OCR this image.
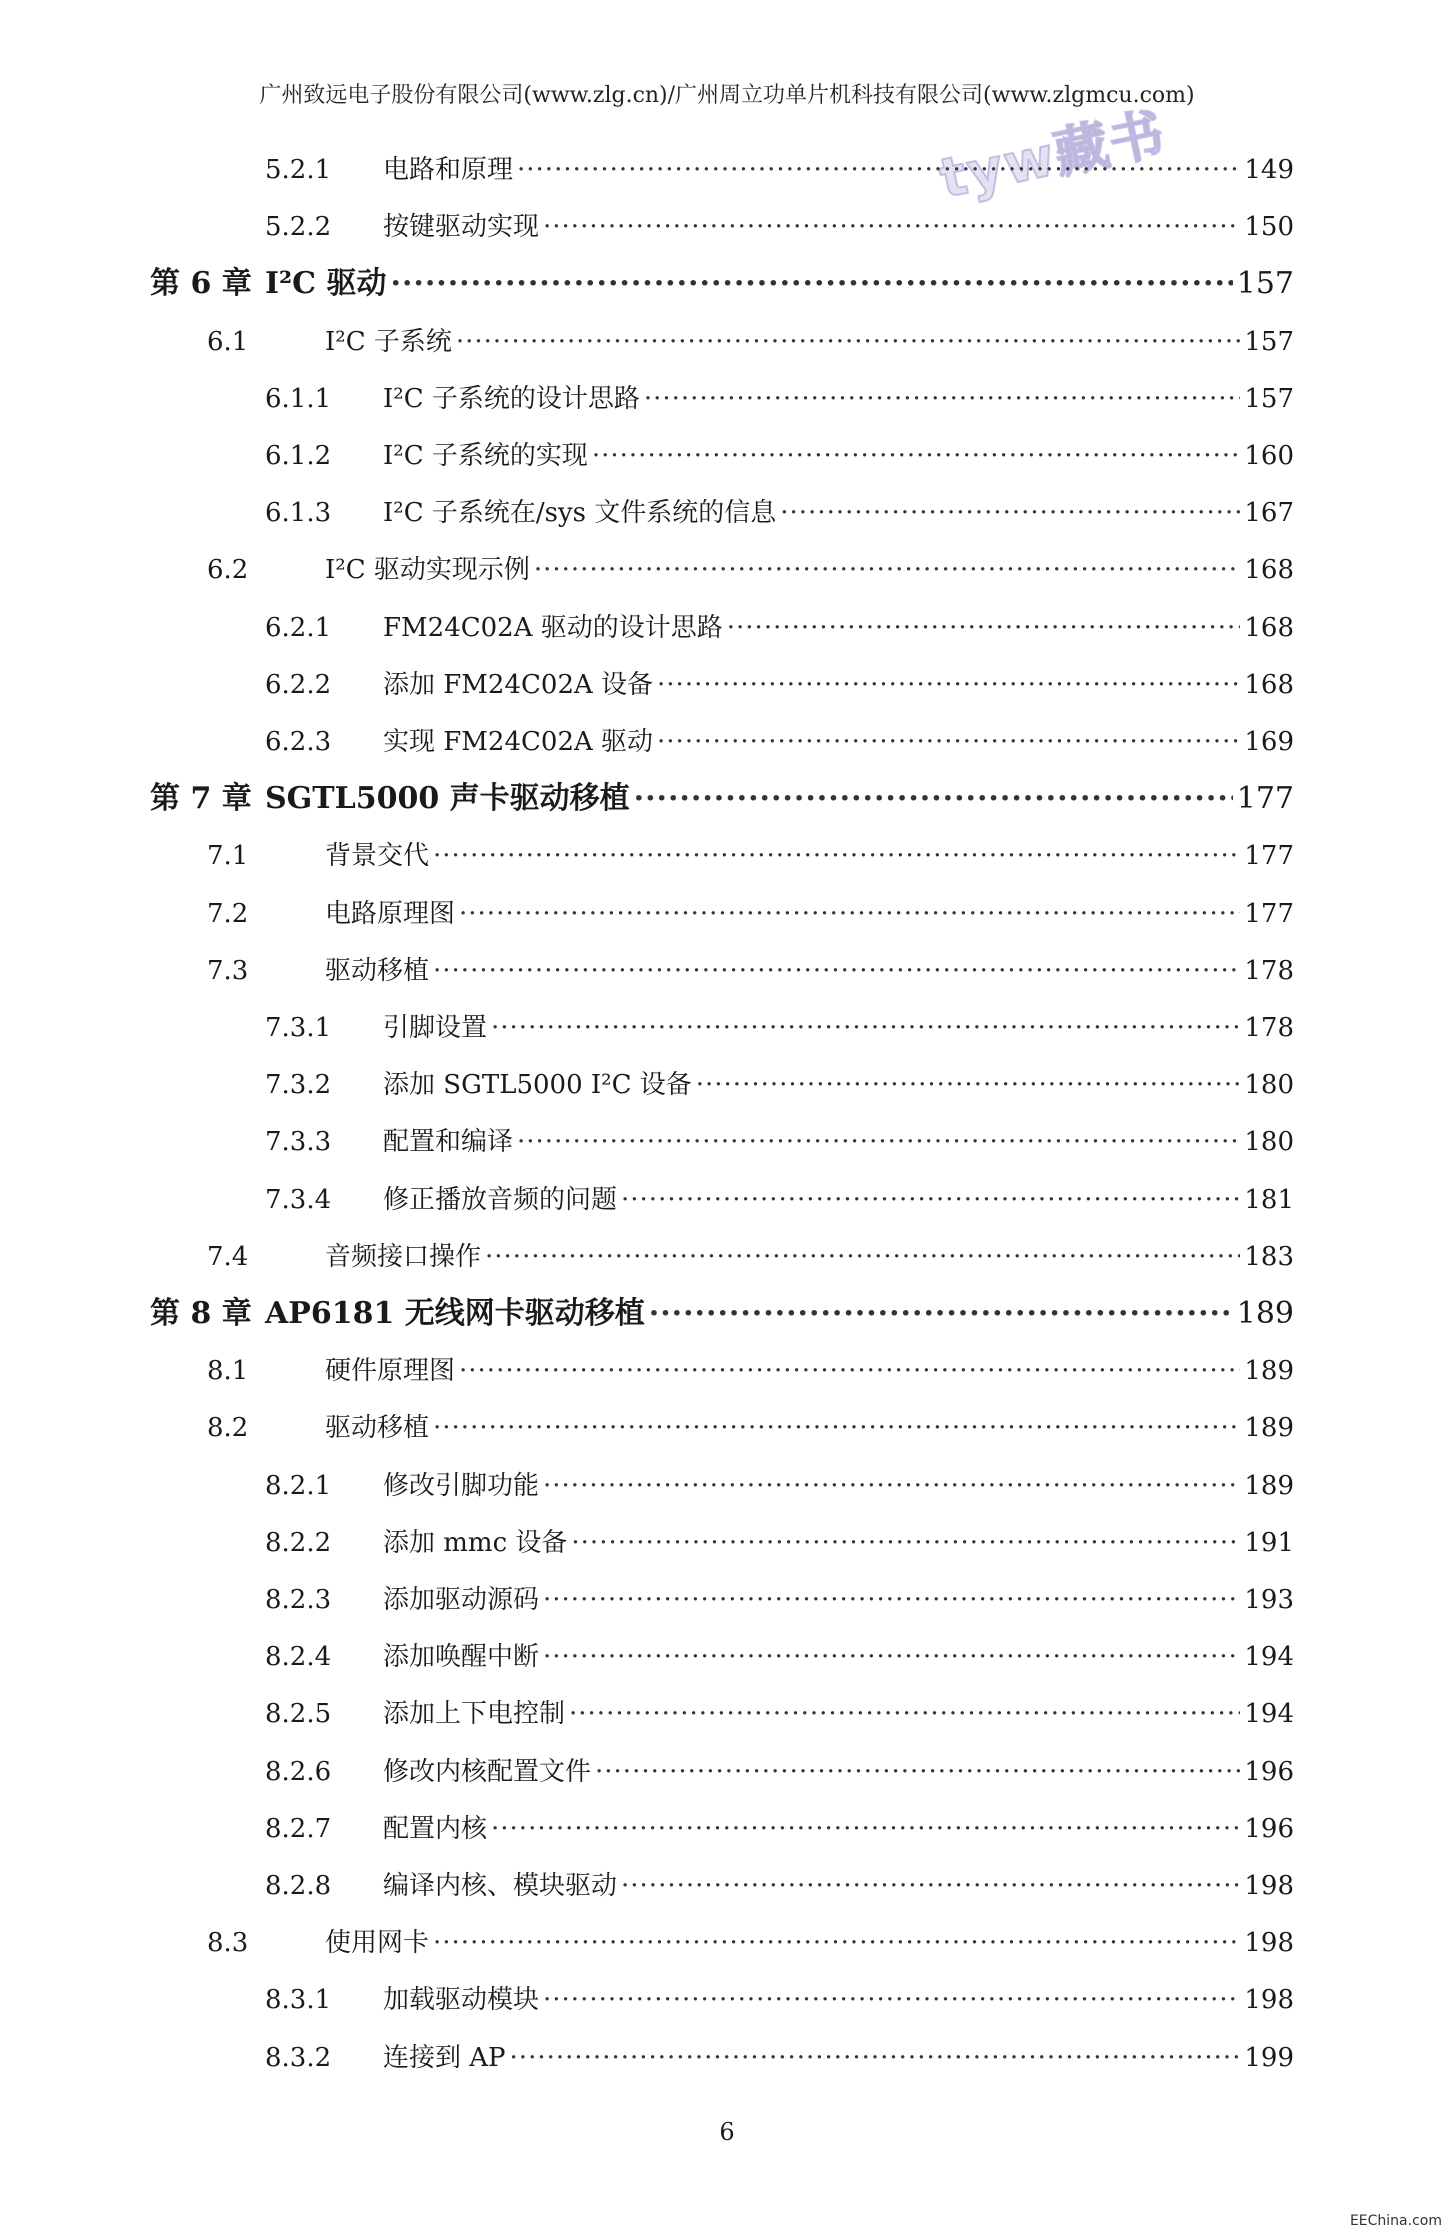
广州致远电子股份有限公司(www.zlg.cn)/广州周立功单片机科技有限公司(www.zlgmcu.com)
tyw藏书
5.2.1	电路和原理 ·····	149
5.2.2	按键驱动实现 ·····	150
第 6 章 I²C 驱动 ·····	157
6.1	I²C 子系统 ·····	157
6.1.1	I²C 子系统的设计思路 ·····	157
6.1.2	I²C 子系统的实现 ·····	160
6.1.3	I²C 子系统在/sys 文件系统的信息 ·····	167
6.2	I²C 驱动实现示例 ·····	168
6.2.1	FM24C02A 驱动的设计思路 ·····	168
6.2.2	添加 FM24C02A 设备 ·····	168
6.2.3	实现 FM24C02A 驱动 ·····	169
第 7 章 SGTL5000 声卡驱动移植 ·····	177
7.1	背景交代 ·····	177
7.2	电路原理图 ·····	177
7.3	驱动移植 ·····	178
7.3.1	引脚设置 ·····	178
7.3.2	添加 SGTL5000 I²C 设备 ·····	180
7.3.3	配置和编译 ·····	180
7.3.4	修正播放音频的问题 ·····	181
7.4	音频接口操作 ·····	183
第 8 章 AP6181 无线网卡驱动移植 ·····	189
8.1	硬件原理图 ·····	189
8.2	驱动移植 ·····	189
8.2.1	修改引脚功能 ·····	189
8.2.2	添加 mmc 设备 ·····	191
8.2.3	添加驱动源码 ·····	193
8.2.4	添加唤醒中断 ·····	194
8.2.5	添加上下电控制 ·····	194
8.2.6	修改内核配置文件 ·····	196
8.2.7	配置内核 ·····	196
8.2.8	编译内核、模块驱动 ·····	198
8.3	使用网卡 ·····	198
8.3.1	加载驱动模块 ·····	198
8.3.2	连接到 AP ·····	199
6
EEChina.com
